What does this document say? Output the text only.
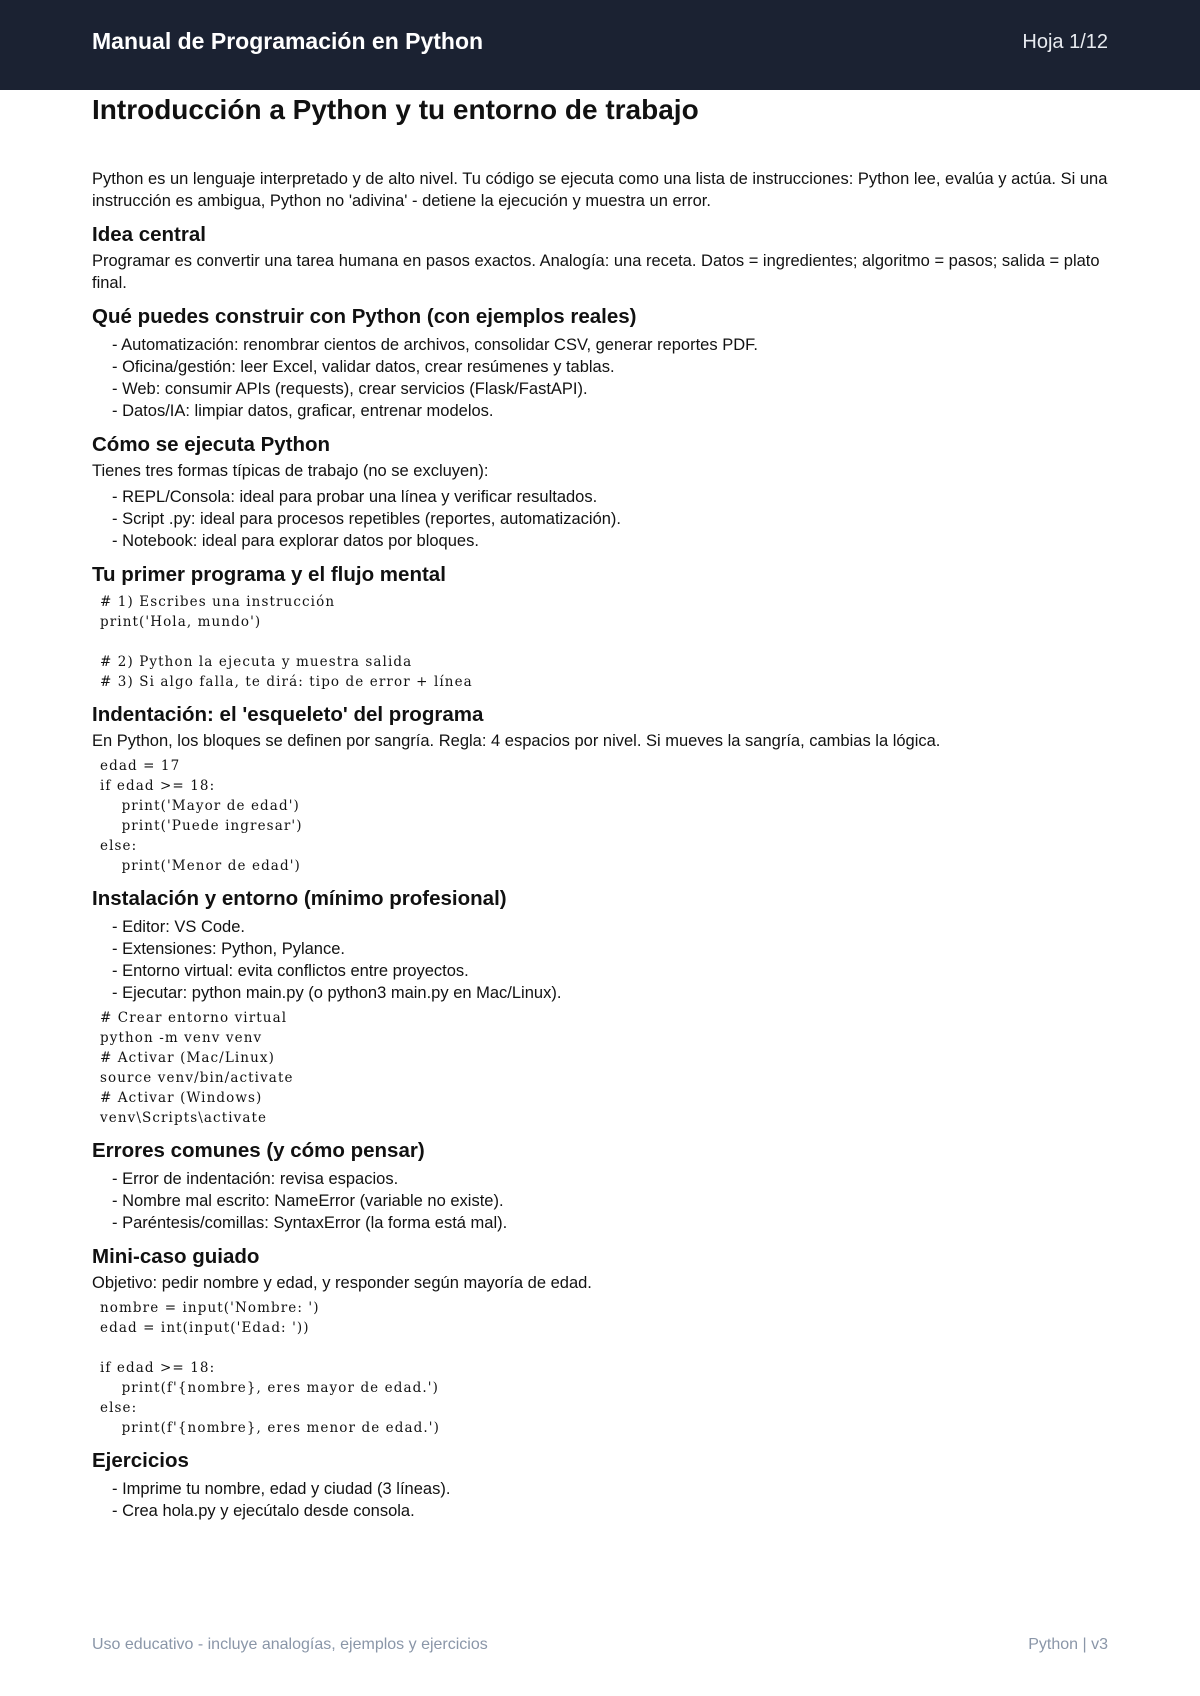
Manual de Programación en Python	Hoja 1/12
Introducción a Python y tu entorno de trabajo

Python es un lenguaje interpretado y de alto nivel. Tu código se ejecuta como una lista de instrucciones: Python lee, evalúa y actúa. Si una instrucción es ambigua, Python no 'adivina' - detiene la ejecución y muestra un error.

Idea central

Programar es convertir una tarea humana en pasos exactos. Analogía: una receta. Datos = ingredientes; algoritmo = pasos; salida = plato final.

Qué puedes construir con Python (con ejemplos reales)
- Automatización: renombrar cientos de archivos, consolidar CSV, generar reportes PDF.
- Oficina/gestión: leer Excel, validar datos, crear resúmenes y tablas.
- Web: consumir APIs (requests), crear servicios (Flask/FastAPI).
- Datos/IA: limpiar datos, graficar, entrenar modelos.
Cómo se ejecuta Python

Tienes tres formas típicas de trabajo (no se excluyen):

- REPL/Consola: ideal para probar una línea y verificar resultados.
- Script .py: ideal para procesos repetibles (reportes, automatización).
- Notebook: ideal para explorar datos por bloques.
Tu primer programa y el flujo mental
# 1) Escribes una instrucción
print('Hola, mundo')

# 2) Python la ejecuta y muestra salida
# 3) Si algo falla, te dirá: tipo de error + línea
Indentación: el 'esqueleto' del programa

En Python, los bloques se definen por sangría. Regla: 4 espacios por nivel. Si mueves la sangría, cambias la lógica.

edad = 17
if edad >= 18:
print('Mayor de edad')
print('Puede ingresar')
else:
print('Menor de edad')
Instalación y entorno (mínimo profesional)
- Editor: VS Code.
- Extensiones: Python, Pylance.
- Entorno virtual: evita conflictos entre proyectos.
- Ejecutar: python main.py (o python3 main.py en Mac/Linux).
# Crear entorno virtual
python -m venv venv
# Activar (Mac/Linux)
source venv/bin/activate
# Activar (Windows)
venv\Scripts\activate
Errores comunes (y cómo pensar)
- Error de indentación: revisa espacios.
- Nombre mal escrito: NameError (variable no existe).
- Paréntesis/comillas: SyntaxError (la forma está mal).
Mini-caso guiado

Objetivo: pedir nombre y edad, y responder según mayoría de edad.

nombre = input('Nombre: ')
edad = int(input('Edad: '))

if edad >= 18:
print(f'{nombre}, eres mayor de edad.')
else:
print(f'{nombre}, eres menor de edad.')
Ejercicios
- Imprime tu nombre, edad y ciudad (3 líneas).
- Crea hola.py y ejecútalo desde consola.
Uso educativo - incluye analogías, ejemplos y ejercicios	Python | v3
